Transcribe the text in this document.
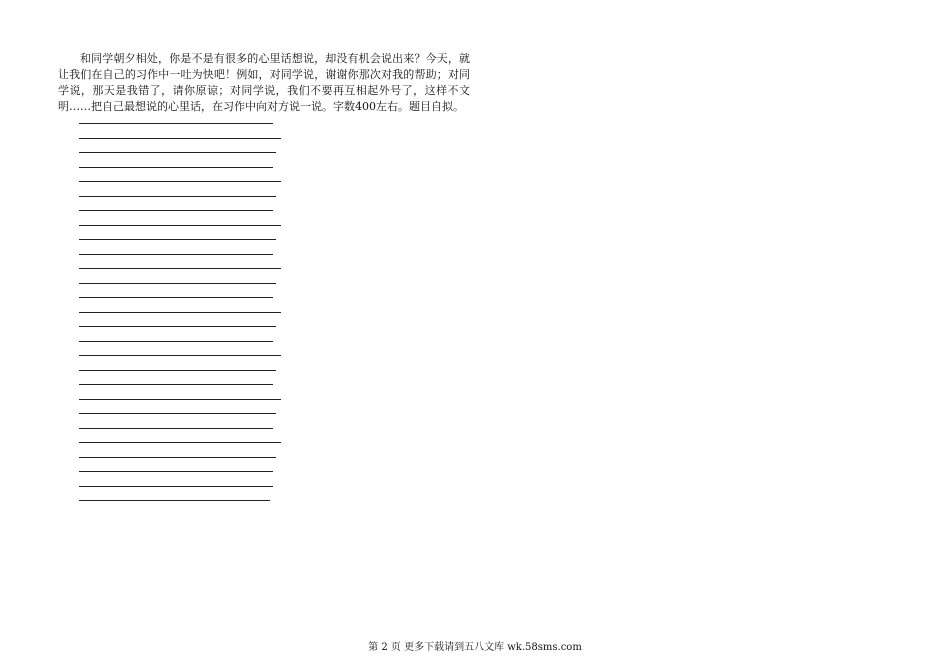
和同学朝夕相处，你是不是有很多的心里话想说，却没有机会说出来？今天，就让我们在自己的习作中一吐为快吧！例如，对同学说，谢谢你那次对我的帮助；对同学说，那天是我错了，请你原谅；对同学说，我们不要再互相起外号了，这样不文明……把自己最想说的心里话，在习作中向对方说一说。字数400左右。题目自拟。

第 2 页 更多下载请到五八文库 wk.58sms.com
